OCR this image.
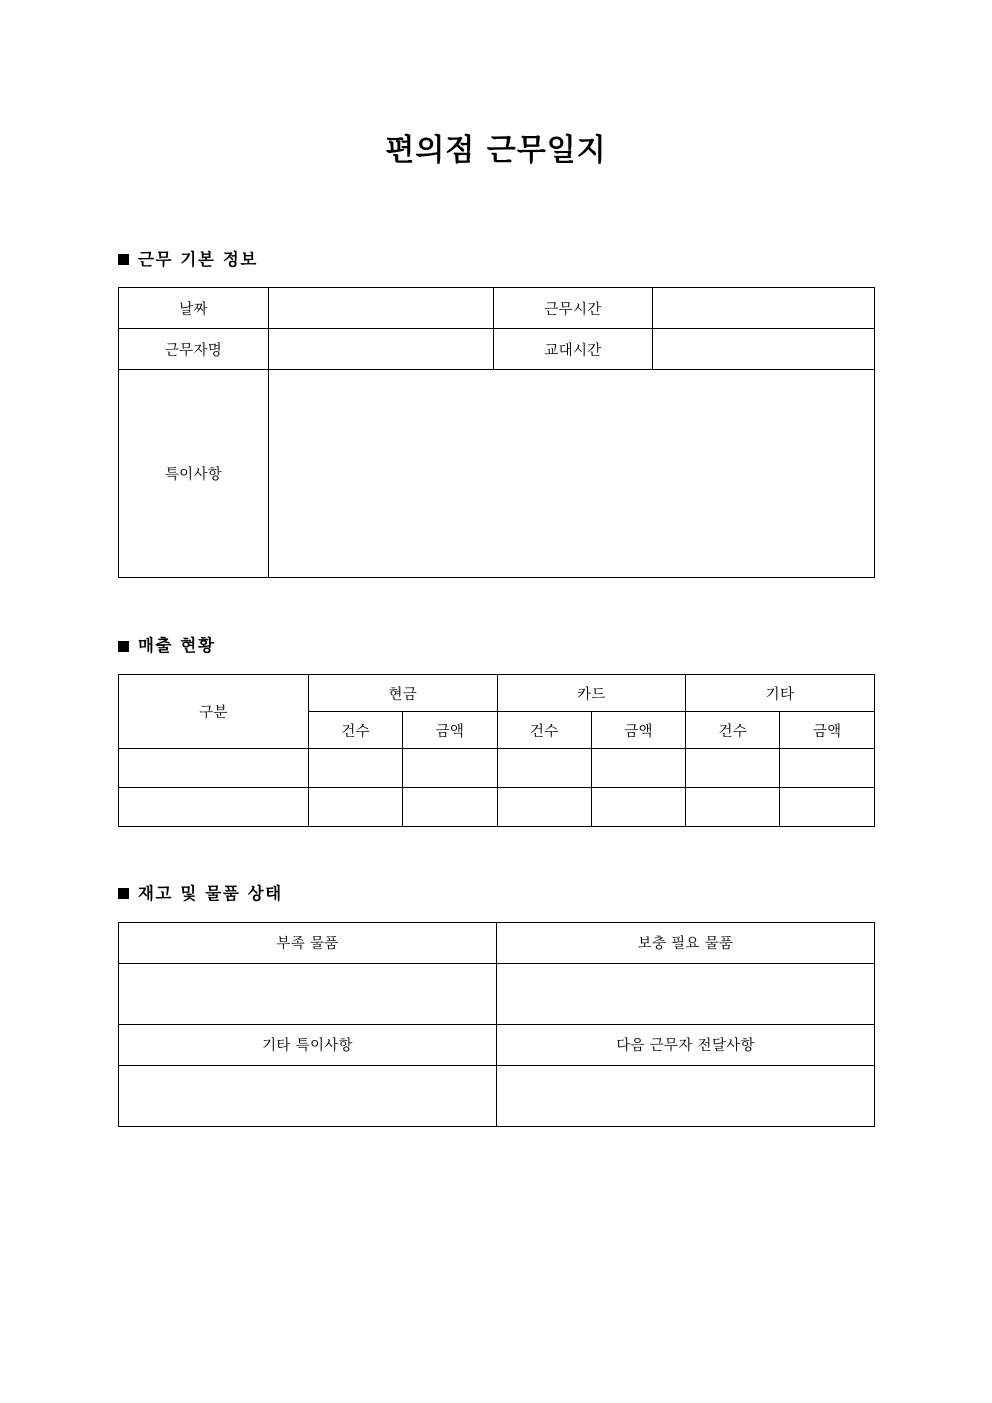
편의점 근무일지
근무 기본 정보
날짜		근무시간	
근무자명		교대시간	
특이사항			
매출 현황
구분	현금		카드		기타	
	건수	금액	건수	금액	건수	금액

재고 및 물품 상태
부족 물품	보충 필요 물품

기타 특이사항	다음 근무자 전달사항
